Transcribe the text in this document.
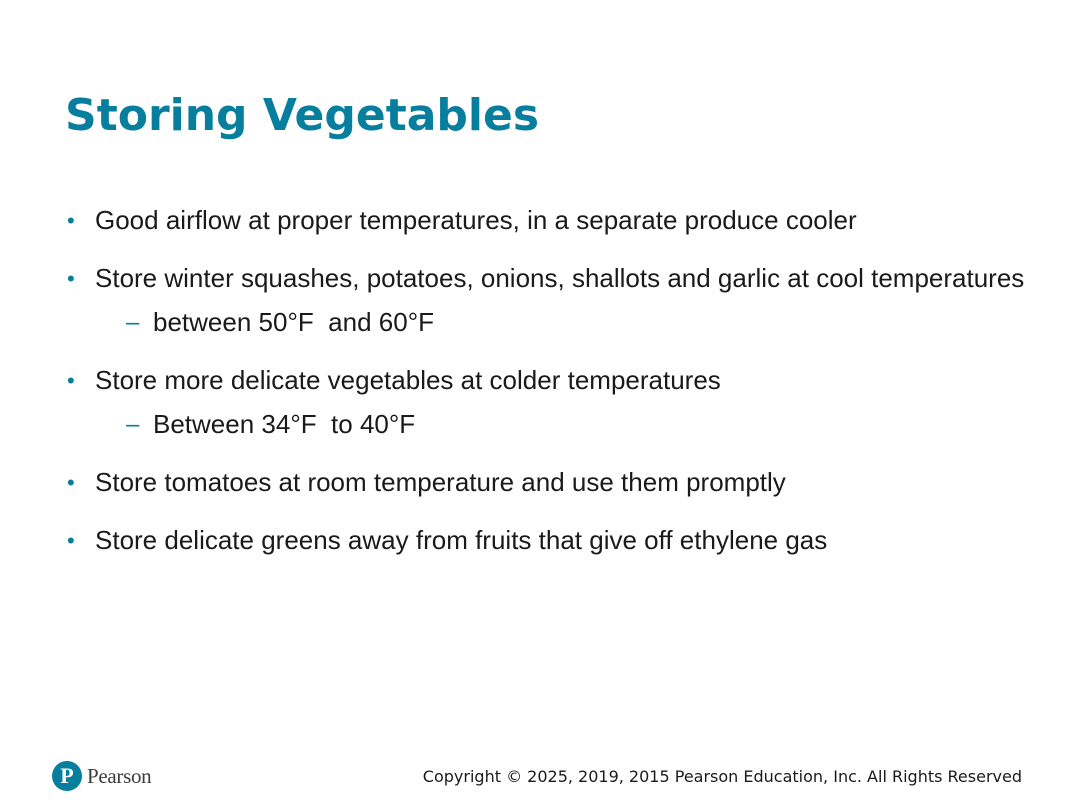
Storing Vegetables
• Good airflow at proper temperatures, in a separate produce cooler
• Store winter squashes, potatoes, onions, shallots and garlic at cool temperatures
– between 50°F  and 60°F
• Store more delicate vegetables at colder temperatures
– Between 34°F  to 40°F
• Store tomatoes at room temperature and use them promptly
• Store delicate greens away from fruits that give off ethylene gas
P Pearson	Copyright © 2025, 2019, 2015 Pearson Education, Inc. All Rights Reserved
